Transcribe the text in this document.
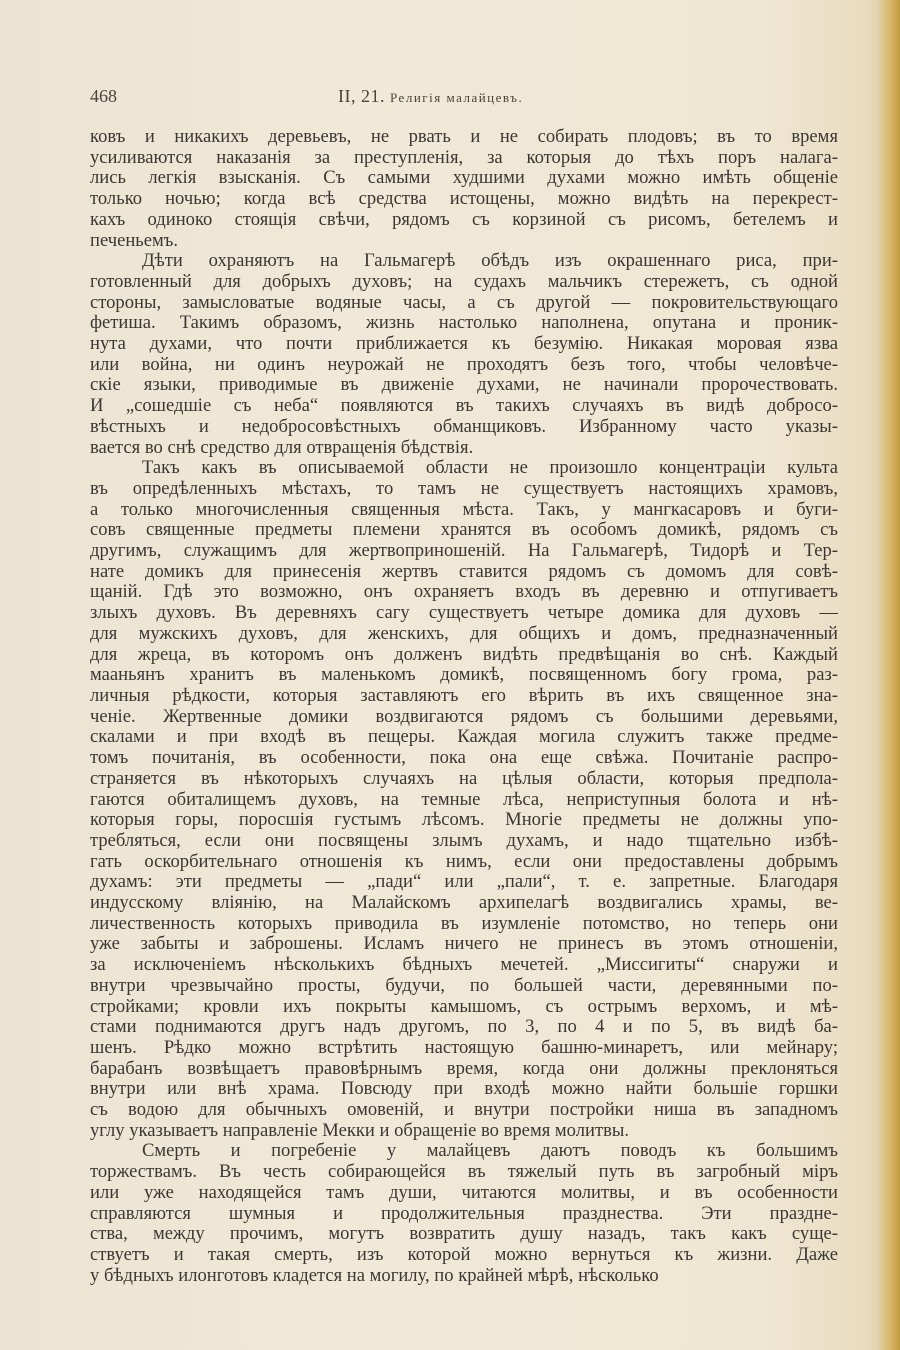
468	II, 21. Религія малайцевъ.
ковъ и никакихъ деревьевъ, не рвать и не собирать плодовъ; въ то время
усиливаются наказанія за преступленія, за которыя до тѣхъ поръ налага-
лись легкія взысканія. Съ самыми худшими духами можно имѣть общеніе
только ночью; когда всѣ средства истощены, можно видѣть на перекрест-
кахъ одиноко стоящія свѣчи, рядомъ съ корзиной съ рисомъ, бетелемъ и
печеньемъ.
Дѣти охраняютъ на Гальмагерѣ обѣдъ изъ окрашеннаго риса, при-
готовленный для добрыхъ духовъ; на судахъ мальчикъ стережетъ, съ одной
стороны, замысловатые водяные часы, а съ другой — покровительствующаго
фетиша. Такимъ образомъ, жизнь настолько наполнена, опутана и проник-
нута духами, что почти приближается къ безумію. Никакая моровая язва
или война, ни одинъ неурожай не проходятъ безъ того, чтобы человѣче-
скіе языки, приводимые въ движеніе духами, не начинали пророчествовать.
И „сошедшіе съ неба“ появляются въ такихъ случаяхъ въ видѣ добросо-
вѣстныхъ и недобросовѣстныхъ обманщиковъ. Избранному часто указы-
вается во снѣ средство для отвращенія бѣдствія.
Такъ какъ въ описываемой области не произошло концентраціи культа
въ опредѣленныхъ мѣстахъ, то тамъ не существуетъ настоящихъ храмовъ,
а только многочисленныя священныя мѣста. Такъ, у мангкасаровъ и буги-
совъ священные предметы племени хранятся въ особомъ домикѣ, рядомъ съ
другимъ, служащимъ для жертвоприношеній. На Гальмагерѣ, Тидорѣ и Тер-
нате домикъ для принесенія жертвъ ставится рядомъ съ домомъ для совѣ-
щаній. Гдѣ это возможно, онъ охраняетъ входъ въ деревню и отпугиваетъ
злыхъ духовъ. Въ деревняхъ сагу существуетъ четыре домика для духовъ —
для мужскихъ духовъ, для женскихъ, для общихъ и домъ, предназначенный
для жреца, въ которомъ онъ долженъ видѣть предвѣщанія во снѣ. Каждый
мааньянъ хранитъ въ маленькомъ домикѣ, посвященномъ богу грома, раз-
личныя рѣдкости, которыя заставляютъ его вѣрить въ ихъ священное зна-
ченіе. Жертвенные домики воздвигаются рядомъ съ большими деревьями,
скалами и при входѣ въ пещеры. Каждая могила служитъ также предме-
томъ почитанія, въ особенности, пока она еще свѣжа. Почитаніе распро-
страняется въ нѣкоторыхъ случаяхъ на цѣлыя области, которыя предпола-
гаются обиталищемъ духовъ, на темные лѣса, неприступныя болота и нѣ-
которыя горы, поросшія густымъ лѣсомъ. Многіе предметы не должны упо-
требляться, если они посвящены злымъ духамъ, и надо тщательно избѣ-
гать оскорбительнаго отношенія къ нимъ, если они предоставлены добрымъ
духамъ: эти предметы — „пади“ или „пали“, т. е. запретные. Благодаря
индусскому вліянію, на Малайскомъ архипелагѣ воздвигались храмы, ве-
личественность которыхъ приводила въ изумленіе потомство, но теперь они
уже забыты и заброшены. Исламъ ничего не принесъ въ этомъ отношеніи,
за исключеніемъ нѣсколькихъ бѣдныхъ мечетей. „Миссигиты“ снаружи и
внутри чрезвычайно просты, будучи, по большей части, деревянными по-
стройками; кровли ихъ покрыты камышомъ, съ острымъ верхомъ, и мѣ-
стами поднимаются другъ надъ другомъ, по 3, по 4 и по 5, въ видѣ ба-
шенъ. Рѣдко можно встрѣтить настоящую башню-минаретъ, или мейнару;
барабанъ возвѣщаетъ правовѣрнымъ время, когда они должны преклоняться
внутри или внѣ храма. Повсюду при входѣ можно найти большіе горшки
съ водою для обычныхъ омовеній, и внутри постройки ниша въ западномъ
углу указываетъ направленіе Мекки и обращеніе во время молитвы.
Смерть и погребеніе у малайцевъ даютъ поводъ къ большимъ
торжествамъ. Въ честь собирающейся въ тяжелый путь въ загробный міръ
или уже находящейся тамъ души, читаются молитвы, и въ особенности
справляются шумныя и продолжительныя празднества. Эти праздне-
ства, между прочимъ, могутъ возвратить душу назадъ, такъ какъ суще-
ствуетъ и такая смерть, изъ которой можно вернуться къ жизни. Даже
у бѣдныхъ илонготовъ кладется на могилу, по крайней мѣрѣ, нѣсколько
